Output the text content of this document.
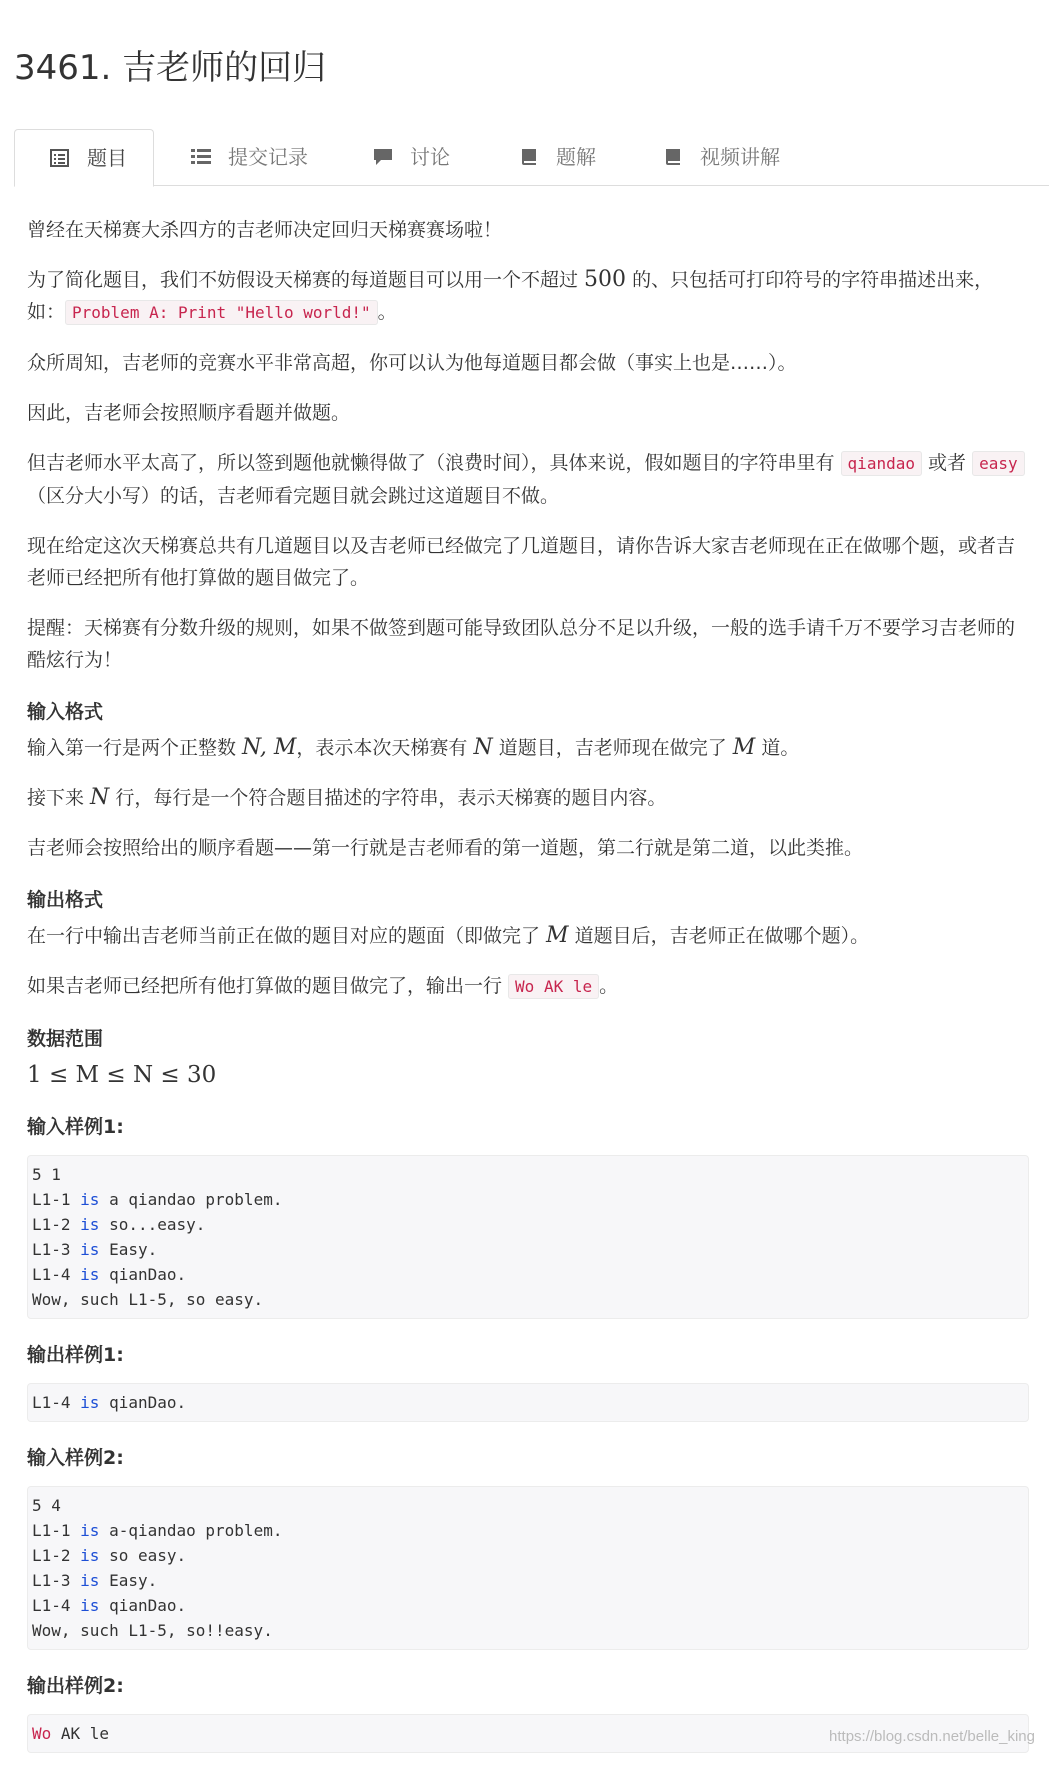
3461. 吉老师的回归
题目	提交记录	讨论	题解	视频讲解

曾经在天梯赛大杀四方的吉老师决定回归天梯赛赛场啦！

为了简化题目，我们不妨假设天梯赛的每道题目可以用一个不超过 500 的、只包括可打印符号的字符串描述出来，如： Problem A: Print "Hello world!" 。

众所周知，吉老师的竞赛水平非常高超，你可以认为他每道题目都会做（事实上也是……）。

因此，吉老师会按照顺序看题并做题。

但吉老师水平太高了，所以签到题他就懒得做了（浪费时间），具体来说，假如题目的字符串里有 qiandao 或者 easy （区分大小写）的话，吉老师看完题目就会跳过这道题目不做。

现在给定这次天梯赛总共有几道题目以及吉老师已经做完了几道题目，请你告诉大家吉老师现在正在做哪个题，或者吉老师已经把所有他打算做的题目做完了。

提醒：天梯赛有分数升级的规则，如果不做签到题可能导致团队总分不足以升级，一般的选手请千万不要学习吉老师的酷炫行为！

输入格式

输入第一行是两个正整数 N, M，表示本次天梯赛有 N 道题目，吉老师现在做完了 M 道。

接下来 N 行，每行是一个符合题目描述的字符串，表示天梯赛的题目内容。

吉老师会按照给出的顺序看题——第一行就是吉老师看的第一道题，第二行就是第二道，以此类推。

输出格式

在一行中输出吉老师当前正在做的题目对应的题面（即做完了 M 道题目后，吉老师正在做哪个题）。

如果吉老师已经把所有他打算做的题目做完了，输出一行 Wo AK le 。

数据范围

1 ≤ M ≤ N ≤ 30

输入样例1:
5 1
L1-1 is a qiandao problem.
L1-2 is so...easy.
L1-3 is Easy.
L1-4 is qianDao.
Wow, such L1-5, so easy.
输出样例1:
L1-4 is qianDao.
输入样例2:
5 4
L1-1 is a-qiandao problem.
L1-2 is so easy.
L1-3 is Easy.
L1-4 is qianDao.
Wow, such L1-5, so!!easy.
输出样例2:
Wo AK le	https://blog.csdn.net/belle_king
